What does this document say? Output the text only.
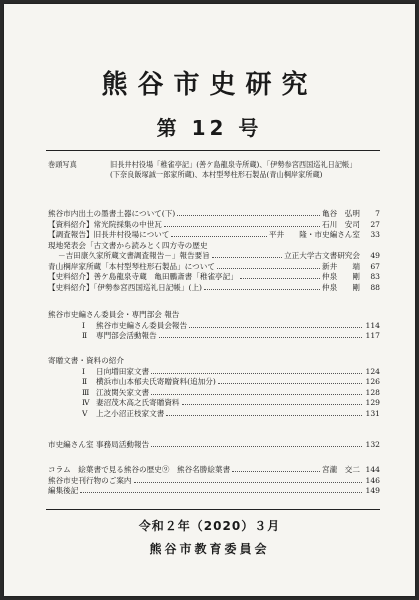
熊谷市史研究
第 12 号
巻頭写真	旧長井村役場「稚雀亭記」(善ケ島龍泉寺所蔵)、「伊勢参宮西国巡礼日記帳」
(下奈良飯塚誠一郎家所蔵)、本村型琴柱形石製品(青山棡岸家所蔵)
熊谷市内出土の墨書土器について(下)	亀谷　弘明	7
【資料紹介】常光院採集の中世瓦	石川　安司	27
【調査報告】旧長井村役場について	平井　　隆・市史編さん室	33
現地発表会「古文書から読みとく四方寺の歴史
－吉田康久家所蔵文書調査報告－」報告要旨	立正大学古文書研究会	49
青山棡岸家所蔵「本村型琴柱形石製品」について	新井　　端	67
【史料紹介】善ケ島龍泉寺蔵　亀田鵬斎書「稚雀亭記」	仲泉　　剛	83
【史料紹介】「伊勢参宮西国巡礼日記帳」(上)	仲泉　　剛	88
熊谷市史編さん委員会・専門部会 報告
Ⅰ 熊谷市史編さん委員会報告	114
Ⅱ 専門部会活動報告	117
寄贈文書・資料の紹介
Ⅰ 日向増田家文書	124
Ⅱ 横浜市山本郁夫氏寄贈資料(追加分)	126
Ⅲ 江波関矢家文書	128
Ⅳ 妻沼茂木高之氏寄贈資料	129
Ⅴ 上之小沼正枝家文書	131
市史編さん室 事務局活動報告	132
コラム　絵葉書で見る熊谷の歴史⑨　熊谷名勝絵葉書	宮瀧　交二 144
熊谷市史刊行物のご案内	146
編集後記	149
令和２年（2020）３月
熊谷市教育委員会
